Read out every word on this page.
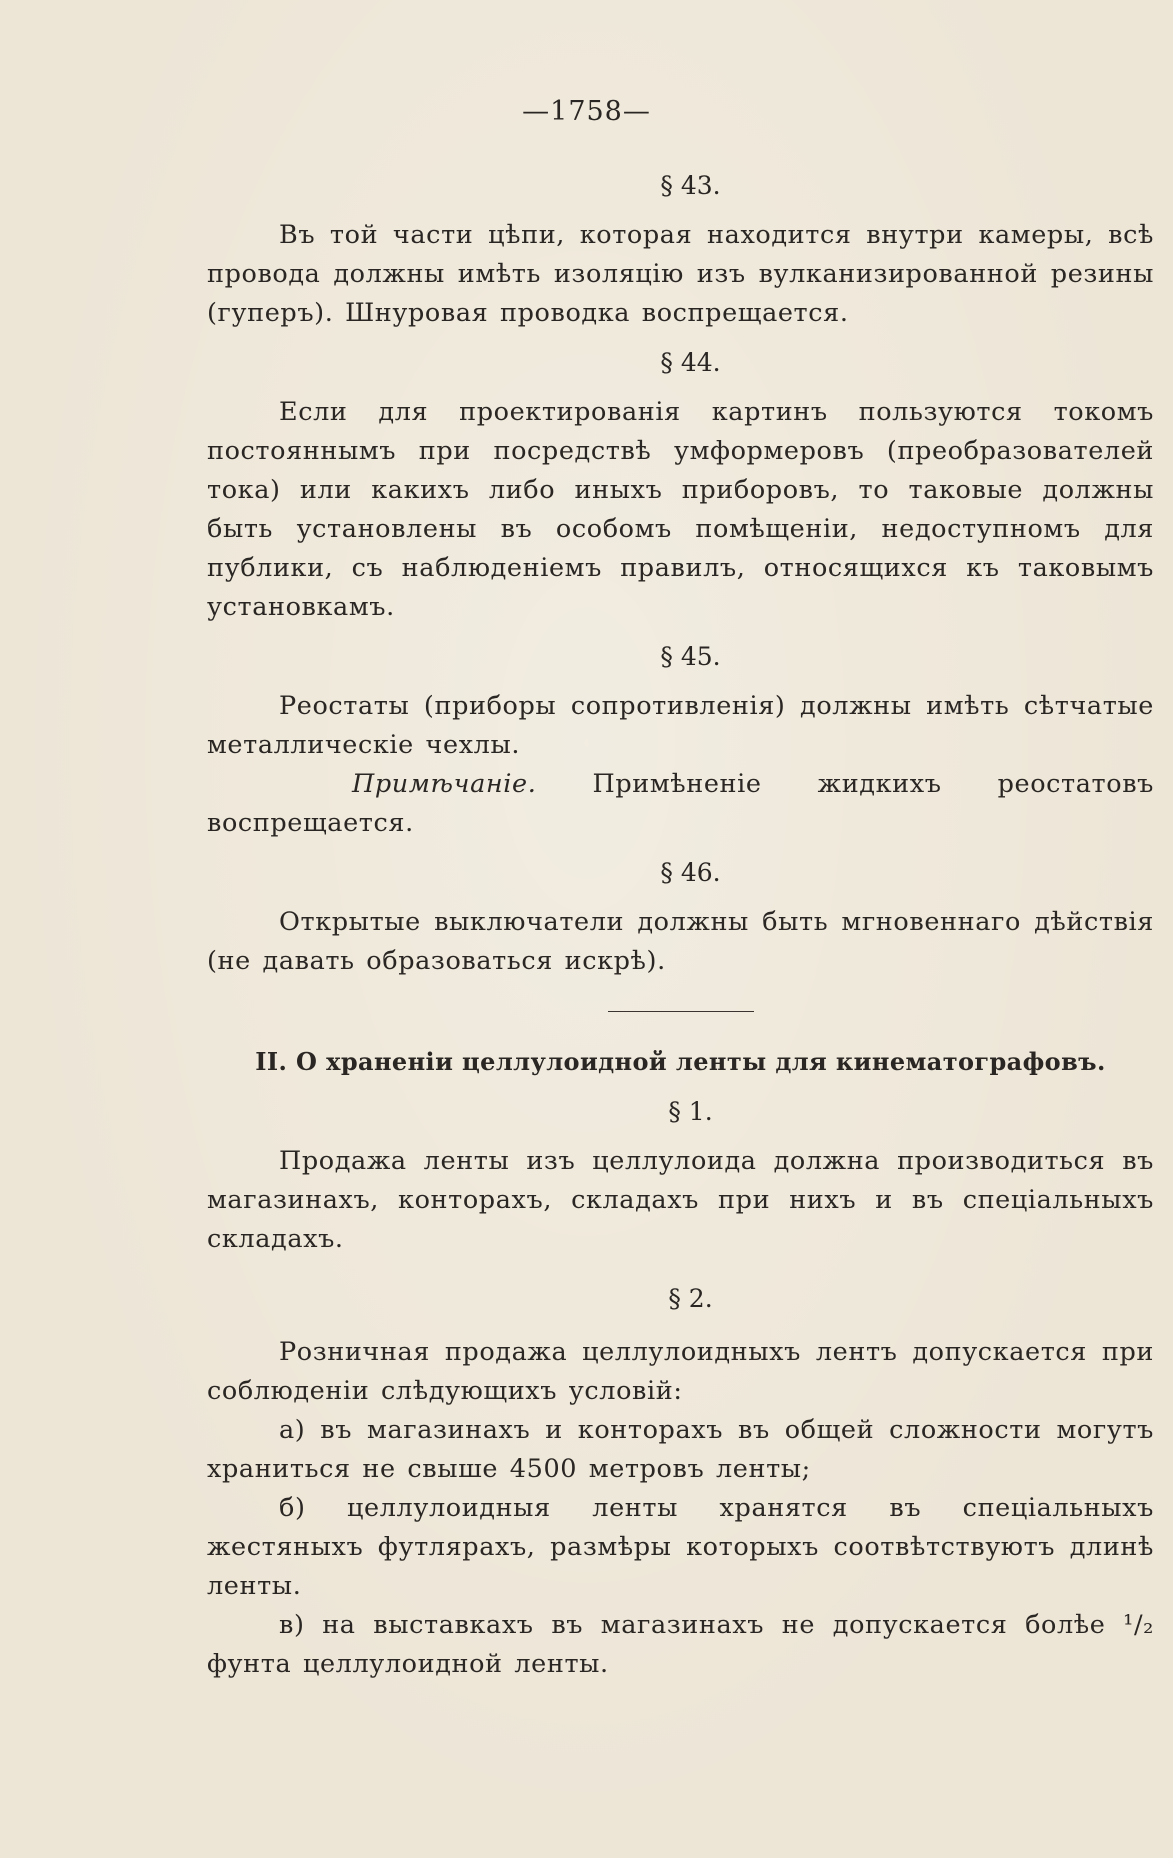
—1758—
§ 43.

Въ той части цѣпи, которая находится внутри камеры, всѣ провода должны имѣть изоляцію изъ вулканизированной резины (гуперъ). Шнуровая проводка воспрещается.

§ 44.

Если для проектированія картинъ пользуются токомъ постояннымъ при посредствѣ умформеровъ (преобразователей тока) или какихъ либо иныхъ приборовъ, то таковые должны быть установлены въ особомъ помѣщеніи, недоступномъ для публики, съ наблюденіемъ правилъ, относящихся къ таковымъ установкамъ.

§ 45.

Реостаты (приборы сопротивленія) должны имѣть сѣтчатые металлическіе чехлы.

Примѣчаніе. Примѣненіе жидкихъ реостатовъ воспрещается.

§ 46.

Открытые выключатели должны быть мгновеннаго дѣйствія (не давать образоваться искрѣ).

II. О храненіи целлулоидной ленты для кинематографовъ.
§ 1.

Продажа ленты изъ целлулоида должна производиться въ магазинахъ, конторахъ, складахъ при нихъ и въ спеціальныхъ складахъ.

§ 2.

Розничная продажа целлулоидныхъ лентъ допускается при соблюденіи слѣдующихъ условій:

а) въ магазинахъ и конторахъ въ общей сложности могутъ храниться не свыше 4500 метровъ ленты;

б) целлулоидныя ленты хранятся въ спеціальныхъ жестяныхъ футлярахъ, размѣры которыхъ соотвѣтствуютъ длинѣ ленты.

в) на выставкахъ въ магазинахъ не допускается болѣе ¹/₂ фунта целлулоидной ленты.
